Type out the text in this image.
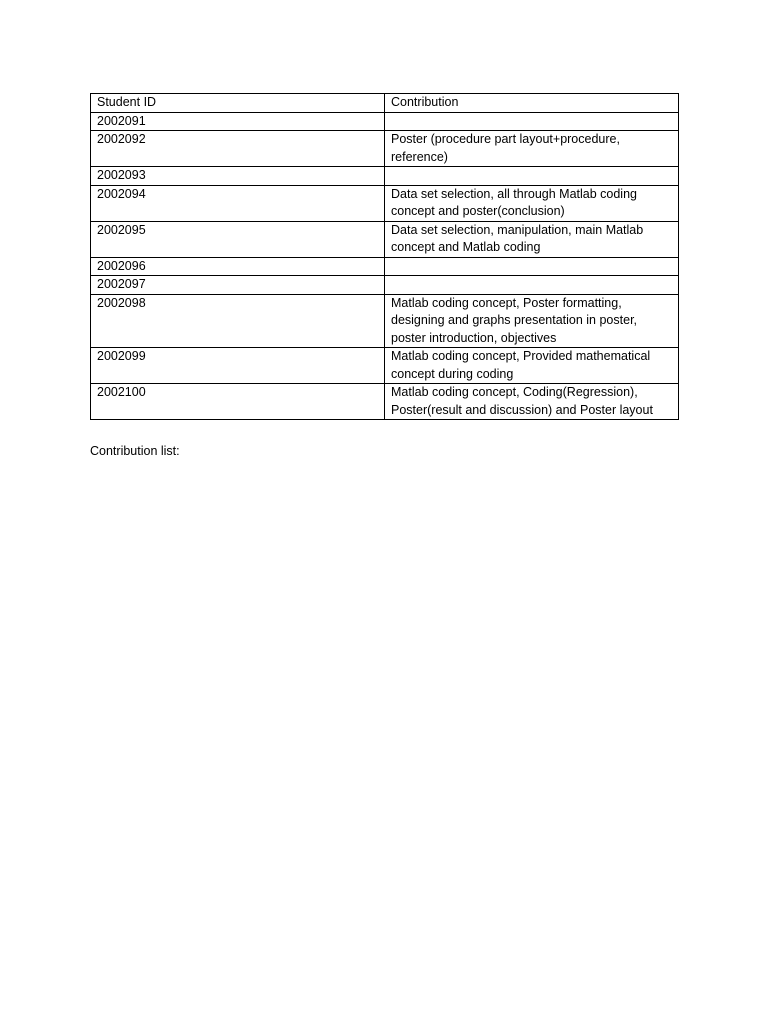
Student ID	Contribution
2002091	
2002092	Poster (procedure part layout+procedure, reference)
2002093	
2002094	Data set selection, all through Matlab coding concept and poster(conclusion)
2002095	Data set selection, manipulation, main Matlab concept and Matlab coding
2002096	
2002097	
2002098	Matlab coding concept, Poster formatting, designing and graphs presentation in poster, poster introduction, objectives
2002099	Matlab coding concept, Provided mathematical concept during coding
2002100	Matlab coding concept, Coding(Regression), Poster(result and discussion) and Poster layout
Contribution list:
